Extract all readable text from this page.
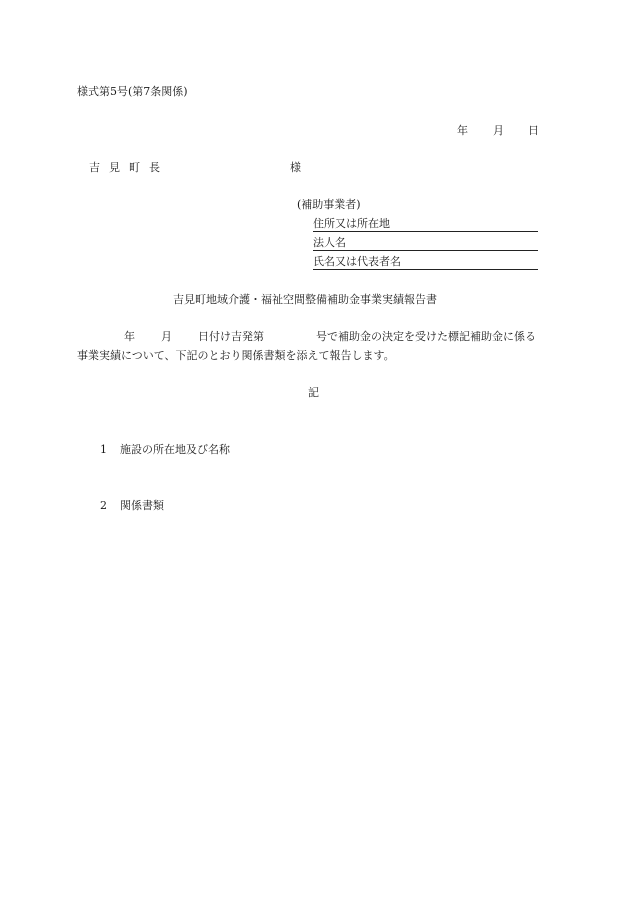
様式第5号(第7条関係)
年 月 日
吉見町長	様
(補助事業者)
住所又は所在地
法人名
氏名又は代表者名
吉見町地域介護・福祉空間整備補助金事業実績報告書
年 月 日付け吉発第	号で補助金の決定を受けた標記補助金に係る
事業実績について、下記のとおり関係書類を添えて報告します。
記
1 施設の所在地及び名称
2 関係書類
